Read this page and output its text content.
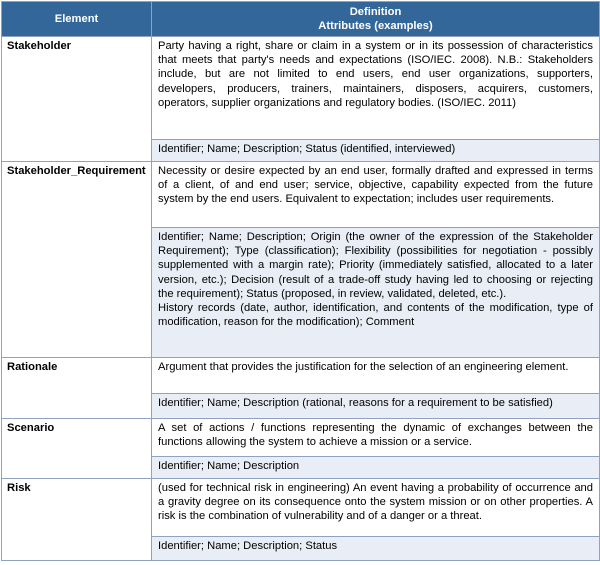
Element	Definition
Attributes (examples)

Stakeholder	Party having a right, share or claim in a system or in its possession of characteristics that meets that party's needs and expectations (ISO/IEC. 2008). N.B.: Stakeholders include, but are not limited to end users, end user organizations, supporters, developers, producers, trainers, maintainers, disposers, acquirers, customers, operators, supplier organizations and regulatory bodies. (ISO/IEC. 2011)

	Identifier; Name; Description; Status (identified, interviewed)

Stakeholder_Requirement	Necessity or desire expected by an end user, formally drafted and expressed in terms of a client, of and end user; service, objective, capability expected from the future system by the end users. Equivalent to expectation; includes user requirements.

	Identifier; Name; Description; Origin (the owner of the expression of the Stakeholder Requirement); Type (classification); Flexibility (possibilities for negotiation - possibly supplemented with a margin rate); Priority (immediately satisfied, allocated to a later version, etc.); Decision (result of a trade-off study having led to choosing or rejecting the requirement); Status (proposed, in review, validated, deleted, etc.).
History records (date, author, identification, and contents of the modification, type of modification, reason for the modification); Comment

Rationale	Argument that provides the justification for the selection of an engineering element.

	Identifier; Name; Description (rational, reasons for a requirement to be satisfied)

Scenario	A set of actions / functions representing the dynamic of exchanges between the functions allowing the system to achieve a mission or a service.

	Identifier; Name; Description

Risk	(used for technical risk in engineering) An event having a probability of occurrence and a gravity degree on its consequence onto the system mission or on other properties. A risk is the combination of vulnerability and of a danger or a threat.

	Identifier; Name; Description; Status
